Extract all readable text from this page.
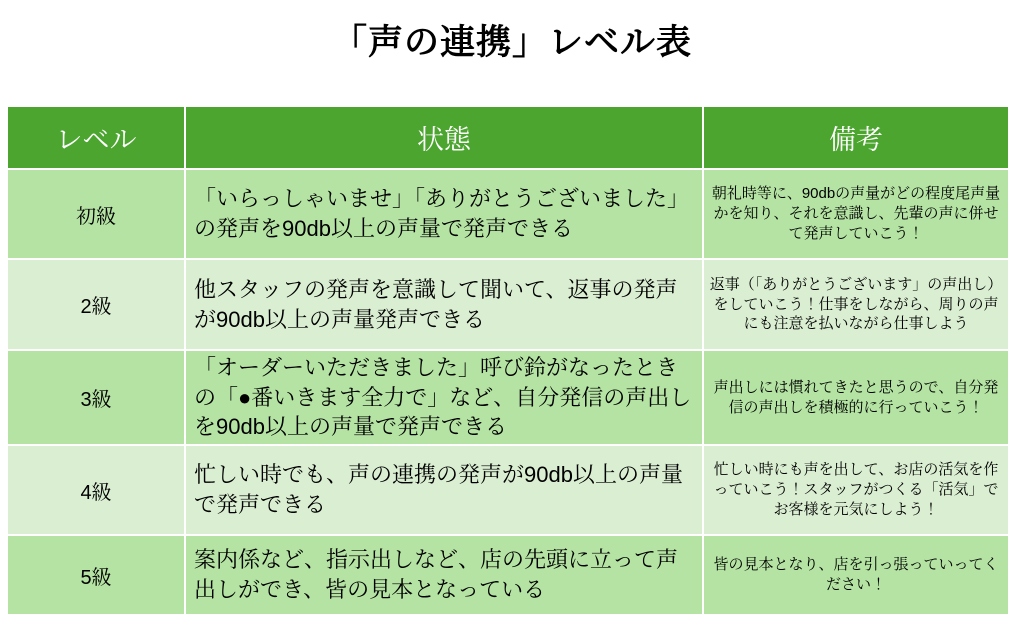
「声の連携」レベル表
レベル	状態	備考
初級	「いらっしゃいませ」「ありがとうございました」の発声を90db以上の声量で発声できる	朝礼時等に、90dbの声量がどの程度尾声量かを知り、それを意識し、先輩の声に併せて発声していこう！
2級	他スタッフの発声を意識して聞いて、返事の発声が90db以上の声量発声できる	返事（「ありがとうございます」の声出し）をしていこう！仕事をしながら、周りの声にも注意を払いながら仕事しよう
3級	「オーダーいただきました」呼び鈴がなったときの「●番いきます全力で」など、自分発信の声出しを90db以上の声量で発声できる	声出しには慣れてきたと思うので、自分発信の声出しを積極的に行っていこう！
4級	忙しい時でも、声の連携の発声が90db以上の声量で発声できる	忙しい時にも声を出して、お店の活気を作っていこう！スタッフがつくる「活気」でお客様を元気にしよう！
5級	案内係など、指示出しなど、店の先頭に立って声出しができ、皆の見本となっている	皆の見本となり、店を引っ張っていってください！
